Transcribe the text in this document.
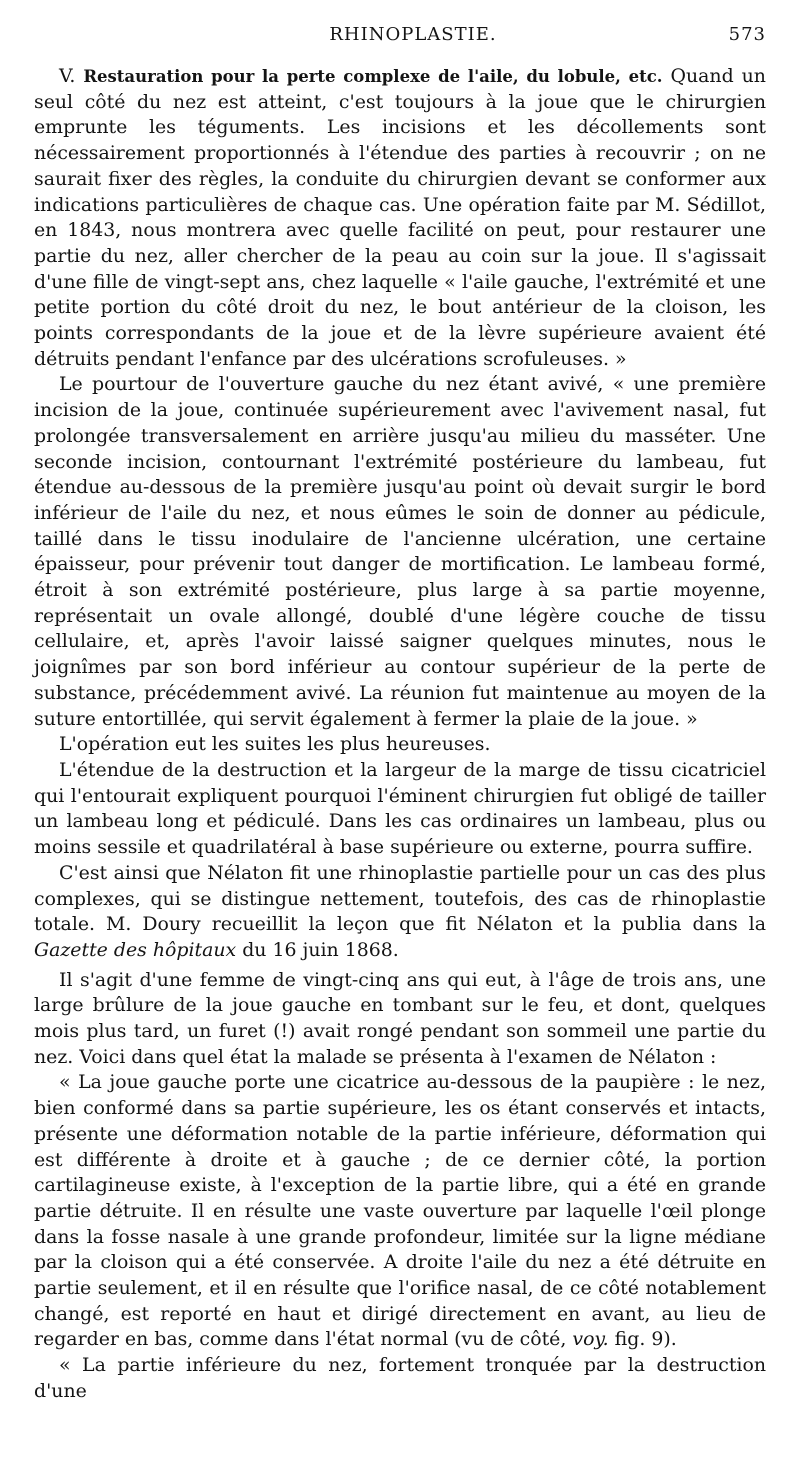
RHINOPLASTIE.	573

V. Restauration pour la perte complexe de l'aile, du lobule, etc. Quand un seul côté du nez est atteint, c'est toujours à la joue que le chirurgien emprunte les téguments. Les incisions et les décollements sont nécessairement proportionnés à l'étendue des parties à recouvrir ; on ne saurait fixer des règles, la conduite du chirurgien devant se conformer aux indications particulières de chaque cas. Une opération faite par M. Sédillot, en 1843, nous montrera avec quelle facilité on peut, pour restaurer une partie du nez, aller chercher de la peau au coin sur la joue. Il s'agissait d'une fille de vingt-sept ans, chez laquelle « l'aile gauche, l'extrémité et une petite portion du côté droit du nez, le bout antérieur de la cloison, les points correspondants de la joue et de la lèvre supérieure avaient été détruits pendant l'enfance par des ulcérations scrofuleuses. »

Le pourtour de l'ouverture gauche du nez étant avivé, « une première incision de la joue, continuée supérieurement avec l'avivement nasal, fut prolongée transversalement en arrière jusqu'au milieu du masséter. Une seconde incision, contournant l'extrémité postérieure du lambeau, fut étendue au-dessous de la première jusqu'au point où devait surgir le bord inférieur de l'aile du nez, et nous eûmes le soin de donner au pédicule, taillé dans le tissu inodulaire de l'ancienne ulcération, une certaine épaisseur, pour prévenir tout danger de mortification. Le lambeau formé, étroit à son extrémité postérieure, plus large à sa partie moyenne, représentait un ovale allongé, doublé d'une légère couche de tissu cellulaire, et, après l'avoir laissé saigner quelques minutes, nous le joignîmes par son bord inférieur au contour supérieur de la perte de substance, précédemment avivé. La réunion fut maintenue au moyen de la suture entortillée, qui servit également à fermer la plaie de la joue. »

L'opération eut les suites les plus heureuses.

L'étendue de la destruction et la largeur de la marge de tissu cicatriciel qui l'entourait expliquent pourquoi l'éminent chirurgien fut obligé de tailler un lambeau long et pédiculé. Dans les cas ordinaires un lambeau, plus ou moins sessile et quadrilatéral à base supérieure ou externe, pourra suffire.

C'est ainsi que Nélaton fit une rhinoplastie partielle pour un cas des plus complexes, qui se distingue nettement, toutefois, des cas de rhinoplastie totale. M. Doury recueillit la leçon que fit Nélaton et la publia dans la Gazette des hôpitaux du 16 juin 1868.

Il s'agit d'une femme de vingt-cinq ans qui eut, à l'âge de trois ans, une large brûlure de la joue gauche en tombant sur le feu, et dont, quelques mois plus tard, un furet (!) avait rongé pendant son sommeil une partie du nez. Voici dans quel état la malade se présenta à l'examen de Nélaton :

« La joue gauche porte une cicatrice au-dessous de la paupière : le nez, bien conformé dans sa partie supérieure, les os étant conservés et intacts, présente une déformation notable de la partie inférieure, déformation qui est différente à droite et à gauche ; de ce dernier côté, la portion cartilagineuse existe, à l'exception de la partie libre, qui a été en grande partie détruite. Il en résulte une vaste ouverture par laquelle l'œil plonge dans la fosse nasale à une grande profondeur, limitée sur la ligne médiane par la cloison qui a été conservée. A droite l'aile du nez a été détruite en partie seulement, et il en résulte que l'orifice nasal, de ce côté notablement changé, est reporté en haut et dirigé directement en avant, au lieu de regarder en bas, comme dans l'état normal (vu de côté, voy. fig. 9).

« La partie inférieure du nez, fortement tronquée par la destruction d'une
